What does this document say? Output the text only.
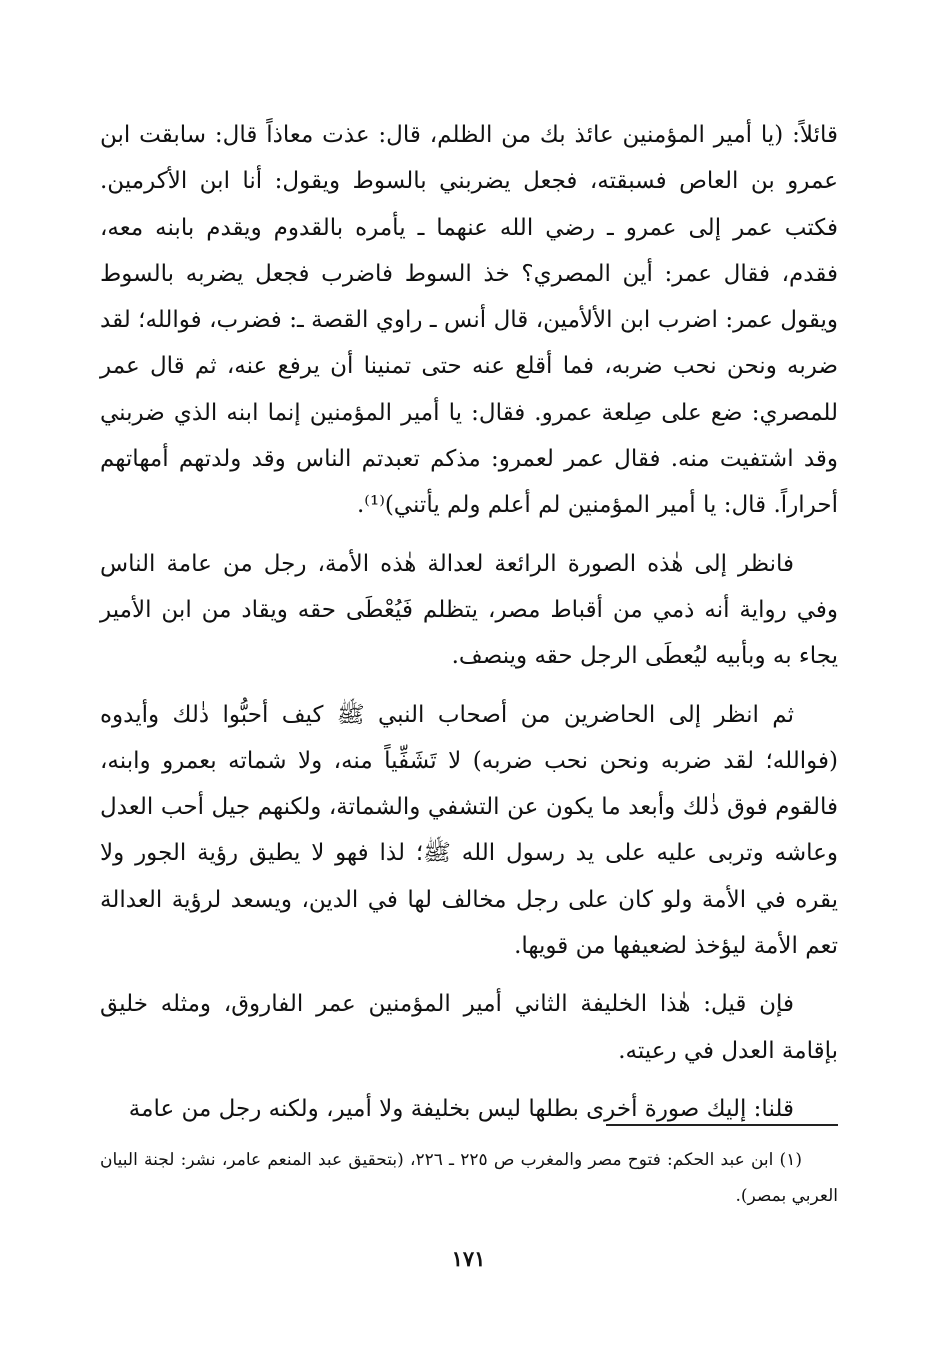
قائلاً: (يا أمير المؤمنين عائذ بك من الظلم، قال: عذت معاذاً قال: سابقت ابن عمرو بن العاص فسبقته، فجعل يضربني بالسوط ويقول: أنا ابن الأكرمين. فكتب عمر إلى عمرو ـ رضي الله عنهما ـ يأمره بالقدوم ويقدم بابنه معه، فقدم، فقال عمر: أين المصري؟ خذ السوط فاضرب فجعل يضربه بالسوط ويقول عمر: اضرب ابن الألأمين، قال أنس ـ راوي القصة ـ: فضرب، فوالله؛ لقد ضربه ونحن نحب ضربه، فما أقلع عنه حتى تمنينا أن يرفع عنه، ثم قال عمر للمصري: ضع على صِلعة عمرو. فقال: يا أمير المؤمنين إنما ابنه الذي ضربني وقد اشتفيت منه. فقال عمر لعمرو: مذكم تعبدتم الناس وقد ولدتهم أمهاتهم أحراراً. قال: يا أمير المؤمنين لم أعلم ولم يأتني)⁽¹⁾.

فانظر إلى هٰذه الصورة الرائعة لعدالة هٰذه الأمة، رجل من عامة الناس وفي رواية أنه ذمي من أقباط مصر، يتظلم فَيُعْطَى حقه ويقاد من ابن الأمير يجاء به وبأبيه ليُعطَى الرجل حقه وينصف.

ثم انظر إلى الحاضرين من أصحاب النبي ﷺ كيف أحبُّوا ذٰلك وأيدوه (فوالله؛ لقد ضربه ونحن نحب ضربه) لا تَشَفِّياً منه، ولا شماته بعمرو وابنه، فالقوم فوق ذٰلك وأبعد ما يكون عن التشفي والشماتة، ولكنهم جيل أحب العدل وعاشه وتربى عليه على يد رسول الله ﷺ؛ لذا فهو لا يطيق رؤية الجور ولا يقره في الأمة ولو كان على رجل مخالف لها في الدين، ويسعد لرؤية العدالة تعم الأمة ليؤخذ لضعيفها من قويها.

فإن قيل: هٰذا الخليفة الثاني أمير المؤمنين عمر الفاروق، ومثله خليق بإقامة العدل في رعيته.

قلنا: إليك صورة أخرى بطلها ليس بخليفة ولا أمير، ولكنه رجل من عامة

(١) ابن عبد الحكم: فتوح مصر والمغرب ص ٢٢٥ ـ ٢٢٦، (بتحقيق عبد المنعم عامر، نشر: لجنة البيان العربي بمصر).

١٧١
